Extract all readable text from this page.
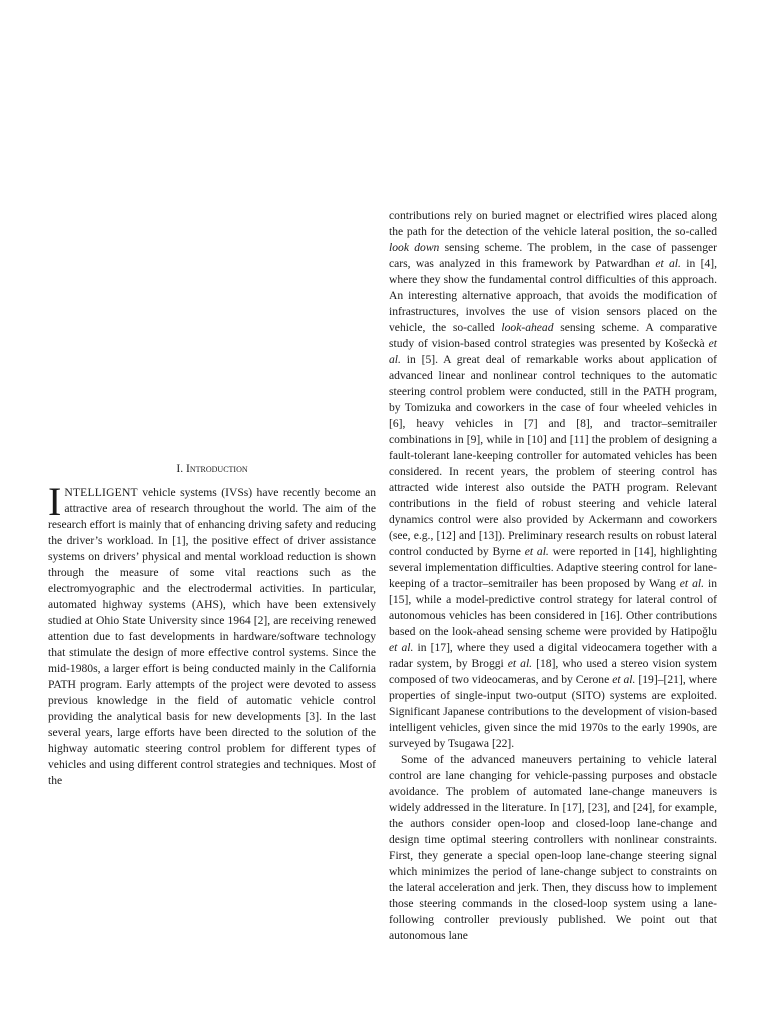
I. Introduction

INTELLIGENT vehicle systems (IVSs) have recently become an attractive area of research throughout the world. The aim of the research effort is mainly that of enhancing driving safety and reducing the driver’s workload. In [1], the positive effect of driver assistance systems on drivers’ physical and mental workload reduction is shown through the measure of some vital reactions such as the electromyographic and the electrodermal activities. In particular, automated highway systems (AHS), which have been extensively studied at Ohio State University since 1964 [2], are receiving renewed attention due to fast developments in hardware/software technology that stimulate the design of more effective control systems. Since the mid-1980s, a larger effort is being conducted mainly in the California PATH program. Early attempts of the project were devoted to assess previous knowledge in the field of automatic vehicle control providing the analytical basis for new developments [3]. In the last several years, large efforts have been directed to the solution of the highway automatic steering control problem for different types of vehicles and using different control strategies and techniques. Most of the

contributions rely on buried magnet or electrified wires placed along the path for the detection of the vehicle lateral position, the so-called look down sensing scheme. The problem, in the case of passenger cars, was analyzed in this framework by Patwardhan et al. in [4], where they show the fundamental control difficulties of this approach. An interesting alternative approach, that avoids the modification of infrastructures, involves the use of vision sensors placed on the vehicle, the so-called look-ahead sensing scheme. A comparative study of vision-based control strategies was presented by Košeckà et al. in [5]. A great deal of remarkable works about application of advanced linear and nonlinear control techniques to the automatic steering control problem were conducted, still in the PATH program, by Tomizuka and coworkers in the case of four wheeled vehicles in [6], heavy vehicles in [7] and [8], and tractor–semitrailer combinations in [9], while in [10] and [11] the problem of designing a fault-tolerant lane-keeping controller for automated vehicles has been considered. In recent years, the problem of steering control has attracted wide interest also outside the PATH program. Relevant contributions in the field of robust steering and vehicle lateral dynamics control were also provided by Ackermann and coworkers (see, e.g., [12] and [13]). Preliminary research results on robust lateral control conducted by Byrne et al. were reported in [14], highlighting several implementation difficulties. Adaptive steering control for lane-keeping of a tractor–semitrailer has been proposed by Wang et al. in [15], while a model-predictive control strategy for lateral control of autonomous vehicles has been considered in [16]. Other contributions based on the look-ahead sensing scheme were provided by Hatipoğlu et al. in [17], where they used a digital videocamera together with a radar system, by Broggi et al. [18], who used a stereo vision system composed of two videocameras, and by Cerone et al. [19]–[21], where properties of single-input two-output (SITO) systems are exploited. Significant Japanese contributions to the development of vision-based intelligent vehicles, given since the mid 1970s to the early 1990s, are surveyed by Tsugawa [22].

Some of the advanced maneuvers pertaining to vehicle lateral control are lane changing for vehicle-passing purposes and obstacle avoidance. The problem of automated lane-change maneuvers is widely addressed in the literature. In [17], [23], and [24], for example, the authors consider open-loop and closed-loop lane-change and design time optimal steering controllers with nonlinear constraints. First, they generate a special open-loop lane-change steering signal which minimizes the period of lane-change subject to constraints on the lateral acceleration and jerk. Then, they discuss how to implement those steering commands in the closed-loop system using a lane-following controller previously published. We point out that autonomous lane
